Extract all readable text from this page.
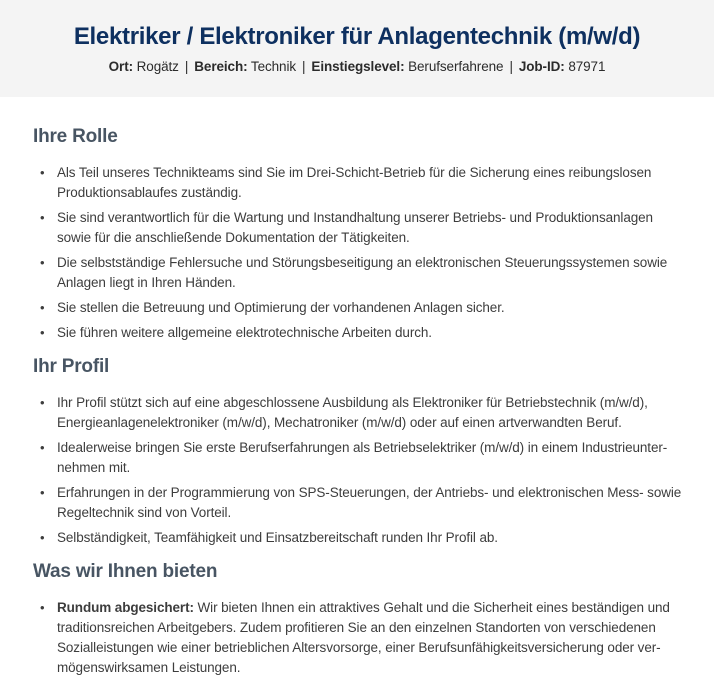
Elektriker / Elektroniker für Anlagentechnik (m/w/d)
Ort: Rogätz | Bereich: Technik | Einstiegslevel: Berufserfahrene | Job-ID: 87971
Ihre Rolle
• Als Teil unseres Technikteams sind Sie im Drei-Schicht-Betrieb für die Sicherung eines reibungslosen Produktionsablaufes zuständig.
• Sie sind verantwortlich für die Wartung und Instandhaltung unserer Betriebs- und Produktionsanlagen sowie für die anschließende Dokumentation der Tätigkeiten.
• Die selbstständige Fehlersuche und Störungsbeseitigung an elektronischen Steuerungssystemen sowie Anlagen liegt in Ihren Händen.
• Sie stellen die Betreuung und Optimierung der vorhandenen Anlagen sicher.
• Sie führen weitere allgemeine elektrotechnische Arbeiten durch.
Ihr Profil
• Ihr Profil stützt sich auf eine abgeschlossene Ausbildung als Elektroniker für Betriebstechnik (m/w/d), Energieanlagenelektroniker (m/w/d), Mechatroniker (m/w/d) oder auf einen artverwandten Beruf.
• Idealerweise bringen Sie erste Berufserfahrungen als Betriebselektriker (m/w/d) in einem Industrieunternehmen mit.
• Erfahrungen in der Programmierung von SPS-Steuerungen, der Antriebs- und elektronischen Mess- sowie Regeltechnik sind von Vorteil.
• Selbständigkeit, Teamfähigkeit und Einsatzbereitschaft runden Ihr Profil ab.
Was wir Ihnen bieten
• Rundum abgesichert: Wir bieten Ihnen ein attraktives Gehalt und die Sicherheit eines beständigen und traditionsreichen Arbeitgebers. Zudem profitieren Sie an den einzelnen Standorten von verschiedenen Sozialleistungen wie einer betrieblichen Altersvorsorge, einer Berufsunfähigkeitsversicherung oder vermögenswirksamen Leistungen.
